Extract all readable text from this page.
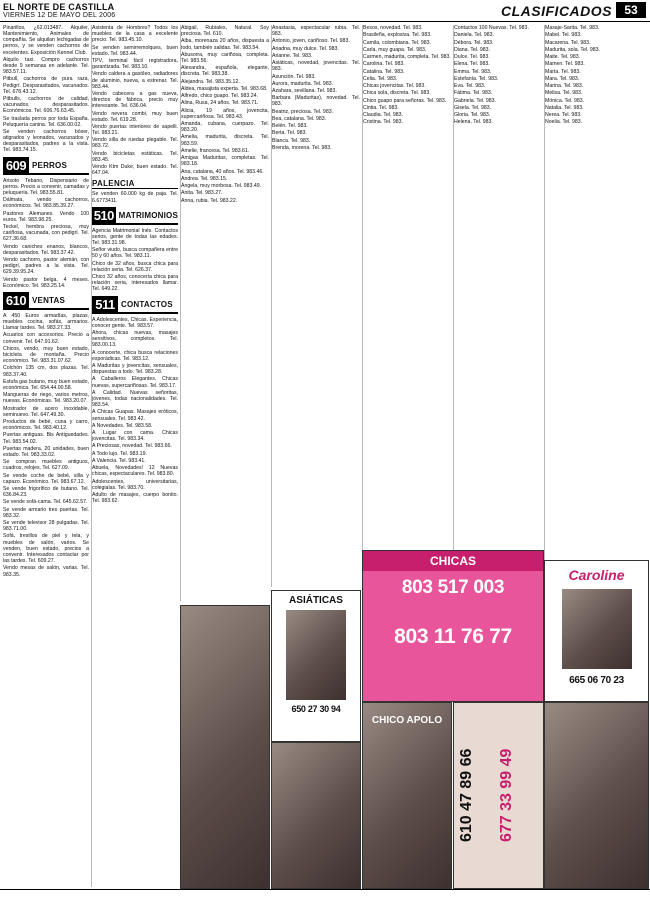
EL NORTE DE CASTILLA
VIERNES 12 DE MAYO DEL 2006	CLASIFICADOS	53

Pinarillos, ¿62.013487. Alquiler, Mantenimiento, Animales de compañía. Se alquilan lechigadas de perros, y se venden cachorros de excelentes. Exposición Kennel Club.

Alquilo taxi. Compro cachorros desde 9 semanas en adelante. Tel. 983.57.11.

Pitbull, cachorros de pura raza, Pedigrí. Desparasitados, vacunados. Tel. 678.43.12.

Pitbulls, cachorros de calidad, vacunados, desparasitados. Económicos. Tel. 606.76.63.45.

Se traslada perros por toda España. Peluquería canina. Tel. 636.00.02.

Se venden cachorros bóxer, atigrados y leonados, vacunados y desparasitados, padres a la vista. Tel. 983.74.15.

609 PERROS

Arisoto Tebano, Dispensario de perros. Precio a convenir, camadas y peluquería. Tel. 983.55.81.

Dálmata, vendo cachorros, económicos. Tel. 983.85.39.27.

Pastores Alemanes. Vendo 100 euros. Tel. 983.98.25.

Teckel, hembra preciosa, muy cariñosa, vacunada, con pedigrí. Tel. 627.36.68.

Vendo caniches enanos, blancos, desparasitados. Tel. 983.37.42.

Vendo cachorro, pastor alemán, con pedigrí, padres a la vista. Tel. 629.39.95.24.

Vendo pastor belga, 4 meses. Económico. Tel. 983.25.14.

610 VENTAS

A 450 Euros armadías, plazas, muebles cocina, sofás, armarios. Llamar tardes. Tel. 983.27.33.

Acuarios con accesorios. Precio a convenir. Tel. 647.91.62.

Chicos, vendo, muy buen estado, bicicleta de montaña. Precio económico. Tel. 983.31.07.62.

Colchón 135 cm, dos plazas. Tel. 983.37.40.

Estufa gas butano, muy buen estado, económica. Tel. 654.44.00.58.

Mangueras de riego, varios metros, nuevas. Económicas. Tel. 983.20.07.

Mostrador de acero inoxidable, seminuevo. Tel. 647.49.30.

Productos de bebé, cuna y carro, económicos. Tel. 983.40.12.

Puertas antiguas. Bis Antiguedades. Tel. 983.54.02.

Puertas madera, 20 unidades, buen estado. Tel. 983.33.02.

Se compran muebles antiguos, cuadros, relojes. Tel. 627.09.

Se vende coche de bebé, silla y capazo. Económico. Tel. 983.67.12.

Se vende frigorífico de butano. Tel. 636.84.23.

Se vende sofá-cama. Tel. 645.62.57.

Se vende armario tres puertas. Tel. 983.32.

Se vende televisor 28 pulgadas. Tel. 983.71.00.

Sofá, tresillos de piel y tela, y muebles de salón, varios. Se venden, buen estado, precios a convenir. Interesados contactar por las tardes. Tel. 609.27.

Vendo mesas de salón, varias. Tel. 983.35.

Asistenta de Hombres? Todos los muebles de la casa a excelente precio. Tel. 983.45.10.

Se venden semirremolques, buen estado. Tel. 983.44.

TPV, terminal fácil registradora, garantizada. Tel. 983.10.

Vendo caldera a gasóleo, radiadores de aluminio, nueva, a estrenar. Tel. 983.44.

Vendo cabecera a gas nueva, directos de fábrica, precio muy interesante. Tel. 636.04.

Vendo nevera combi, muy buen estado. Tel. 619.28.

Vendo puertas interiores de sapelli. Tel. 983.21.

Vendo silla de ruedas plegable. Tel. 983.72.

Vendo bicicletas estáticas. Tel. 983.45.

Vendo Ktm Duke, buen estado. Tel. 647.04.

PALENCIA

Se venden 60.000 kg de paja. Tel. 6.6773411.

510 MATRIMONIOS

Agencia Matrimonial Inés. Contactos serios, gente de todas las edades. Tel. 983.31.98.

Señor viudo, busca compañera entre 50 y 60 años. Tel. 983.11.

Chico de 32 años, busca chica para relación seria. Tel. 626.37.

Chico 32 años, conocería chica para relación seria, interesados llamar. Tel. 649.22.

511 CONTACTOS

A Adolescentes, Chicas. Experiencia, conocer gente. Tel. 983.57.

Ahora, chicas nuevas, masajes sensitivos, completos. Tel. 983.00.13.

A conocerte, chica busca relaciones esporádicas. Tel. 983.12.

A Maduritas y jovencitas, sensuales, dispuestas a todo. Tel. 983.28.

A Caballeros Elegantes. Chicas nuevas, supercariñosas. Tel. 983.17.

A Calidad. Nuevas señoritas, jóvenes, todas nacionalidades. Tel. 983.54.

A Chicas Guapas. Masajes eróticos, sensuales. Tel. 983.42.

A Novedades. Tel. 983.58.

A Lugar con cama. Chicas jovencitas. Tel. 983.34.

A Preciosas, novedad. Tel. 983.66.

A Todo lujo. Tel. 983.19.

A Valencia. Tel. 983.41.

Abuela, Novedades! 12 Nuevas chicas, espectaculares. Tel. 983.80.

Adolescentes, universitarias, colegialas. Tel. 983.70.

Adulto de masajes, cuerpo bonito. Tel. 983.62.

Abigail, Rubiales, Natural. Soy preciosa. Tel. 610.

Alba, morenaza 20 años, dispuesta a todo, también salidas. Tel. 983.54.

Abusorra, muy cariñosa, completa. Tel. 983.56.

Alexandra, española, elegante, discreta. Tel. 983.38.

Alejandra. Tel. 983.35.12.

Aldea, masajista experta. Tel. 983.68.

Alfredo, chico guapo. Tel. 983.24.

Alina, Rusa, 24 años. Tel. 983.71.

Alicia, 19 años, jovencita, supercariñosa. Tel. 983.43.

Amanda, cubana, cuerpazo. Tel. 983.20.

Amelia, madurita, discreta. Tel. 983.59.

Amelie, francesa. Tel. 983.61.

Amigas Maduritas, completas. Tel. 983.18.

Ana, catalana, 40 años. Tel. 983.46.

Andrea. Tel. 983.15.

Ángela, muy morbosa. Tel. 983.49.

Anita. Tel. 983.27.

Anna, rubia. Tel. 983.22.

Anastasia, espectacular rubia. Tel. 983.

Antonio, joven, cariñoso. Tel. 983.

Ariadna, muy dulce. Tel. 983.

Arianne. Tel. 983.

Asiáticas, novedad, jovencitas. Tel. 983.

Asunción. Tel. 983.

Aurora, madurita. Tel. 983.

Azahara, sevillana. Tel. 983.

Barbara (Maduritas), novedad. Tel. 983.

Beatriz, preciosa. Tel. 983.

Bea, catalana. Tel. 983.

Belén. Tel. 983.

Berta. Tel. 983.

Blanca. Tel. 983.

Brenda, morena. Tel. 983.

Besos, novedad. Tel. 983.

Brasileña, explosiva. Tel. 983.

Camila, colombiana. Tel. 983.

Carla, muy guapa. Tel. 983.

Carmen, madurita, completa. Tel. 983.

Carolina. Tel. 983.

Catalina. Tel. 983.

Celia. Tel. 983.

Chicas jovencitas. Tel. 983.

Chica sola, discreta. Tel. 983.

Chico guapo para señoras. Tel. 983.

Cintia. Tel. 983.

Claudia. Tel. 983.

Cristina. Tel. 983.

Contactos 100 Nuevas. Tel. 983.

Daniela. Tel. 983.

Débora. Tel. 983.

Diana. Tel. 983.

Dulce. Tel. 983.

Elena. Tel. 983.

Emma. Tel. 983.

Estefanía. Tel. 983.

Eva. Tel. 983.

Fátima. Tel. 983.

Gabriela. Tel. 983.

Gisela. Tel. 983.

Gloria. Tel. 983.

Helena. Tel. 983.

Masaje-Sarita. Tel. 983.

Mabel. Tel. 983.

Macarena. Tel. 983.

Madurita, sola. Tel. 983.

Maite. Tel. 983.

Mamen. Tel. 983.

Marta. Tel. 983.

Mara. Tel. 983.

Marina. Tel. 983.

Melisa. Tel. 983.

Mónica. Tel. 983.

Natalia. Tel. 983.

Nerea. Tel. 983.

Noelia. Tel. 983.

ASIÁTICAS
650 27 30 94
CHICAS
803 517 003
803 11 76 77
CHICO APOLO
610 47 89 66 677 33 99 49
Caroline
665 06 70 23
